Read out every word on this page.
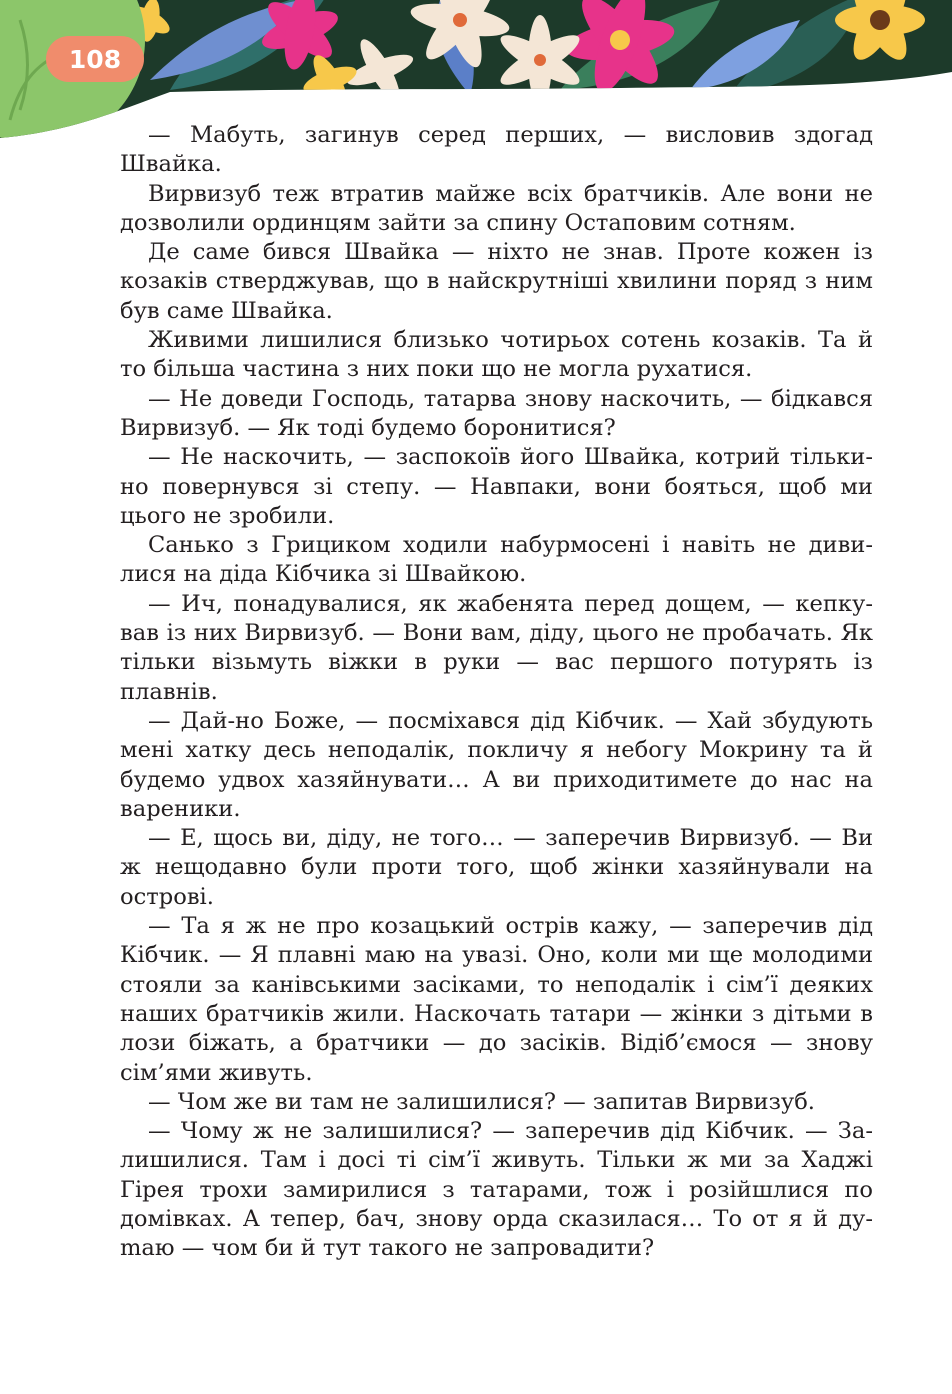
108

— Мабуть, загинув серед перших, — висловив здогад Швайка.

Вирвизуб теж втратив майже всіх братчиків. Але вони не дозволили ординцям зайти за спину Остаповим сотням.

Де саме бився Швайка — ніхто не знав. Проте кожен із козаків стверджував, що в найскрутніші хвилини поряд з ним був саме Швайка.

Живими лишилися близько чотирьох сотень козаків. Та й то більша частина з них поки що не могла рухатися.

— Не доведи Господь, татарва знову наскочить, — бідкався Вирвизуб. — Як тоді будемо боронитися?

— Не наскочить, — заспокоїв його Швайка, котрий тількино повернувся зі степу. — Навпаки, вони бояться, щоб ми цього не зробили.

Санько з Грициком ходили набурмосені і навіть не дивилися на діда Кібчика зі Швайкою.

— Ич, понадувалися, як жабенята перед дощем, — кепкував із них Вирвизуб. — Вони вам, діду, цього не пробачать. Як тільки візьмуть віжки в руки — вас першого потурять із плавнів.

— Дай-но Боже, — посміхався дід Кібчик. — Хай збудують мені хатку десь неподалік, покличу я небогу Мокрину та й будемо удвох хазяйнувати… А ви приходитимете до нас на вареники.

— Е, щось ви, діду, не того… — заперечив Вирвизуб. — Ви ж нещодавно були проти того, щоб жінки хазяйнували на острові.

— Та я ж не про козацький острів кажу, — заперечив дід Кібчик. — Я плавні маю на увазі. Оно, коли ми ще молодими стояли за канівськими засіками, то неподалік і сім’ї деяких наших братчиків жили. Наскочать татари — жінки з дітьми в лози біжать, а братчики — до засіків. Відіб’ємося — знову сім’ями живуть.

— Чом же ви там не залишилися? — запитав Вирвизуб.

— Чому ж не залишилися? — заперечив дід Кібчик. — Залишилися. Там і досі ті сім’ї живуть. Тільки ж ми за Хаджі Гірея трохи замирилися з татарами, тож і розійшлися по домівках. А тепер, бач, знову орда сказилася… То от я й дуmаю — чом би й тут такого не запровадити?
